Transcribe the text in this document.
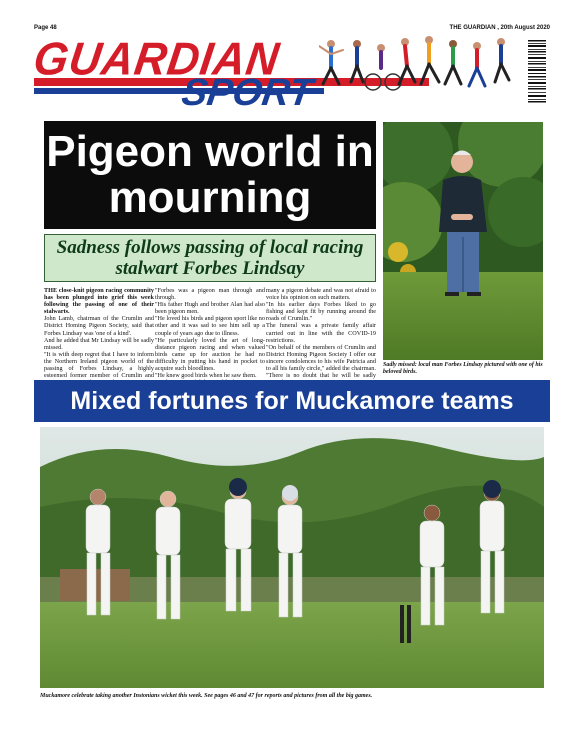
Page 48	THE GUARDIAN , 20th August 2020
GUARDIAN
SPORT
Pigeon world in mourning
Sadness follows passing of local racing stalwart Forbes Lindsay

THE close-knit pigeon racing community has been plunged into grief this week following the passing of one of their stalwarts.

John Lamb, chairman of the Crumlin and District Homing Pigeon Society, said that Forbes Lindsay was 'one of a kind'.

And he added that Mr Lindsay will be sadly missed.

"It is with deep regret that I have to inform the Northern Ireland pigeon world of the passing of Forbes Lindsay, a highly esteemed former member of Crumlin and

"Forbes was a pigeon man through and through.

"His father Hugh and brother Alan had also been pigeon men.

"He loved his birds and pigeon sport like no other and it was sad to see him sell up a couple of years ago due to illness.

"He particularly loved the art of long-distance pigeon racing and when valued birds came up for auction he had no difficulty in putting his hand in pocket to acquire such bloodlines.

"He knew good birds when he saw them.

many a pigeon debate and was not afraid to voice his opinion on such matters.

"In his earlier days Forbes liked to go fishing and kept fit by running around the roads of Crumlin."

The funeral was a private family affair carried out in line with the COVID-19 restrictions.

"On behalf of the members of Crumlin and District Homing Pigeon Society I offer our sincere condolences to his wife Patricia and to all his family circle," added the chairman.

"There is no doubt that he will be sadly

Sadly missed: local man Forbes Lindsay pictured with one of his beloved birds.
Mixed fortunes for Muckamore teams
Muckamore celebrate taking another Instonians wicket this week. See pages 46 and 47 for reports and pictures from all the big games.
